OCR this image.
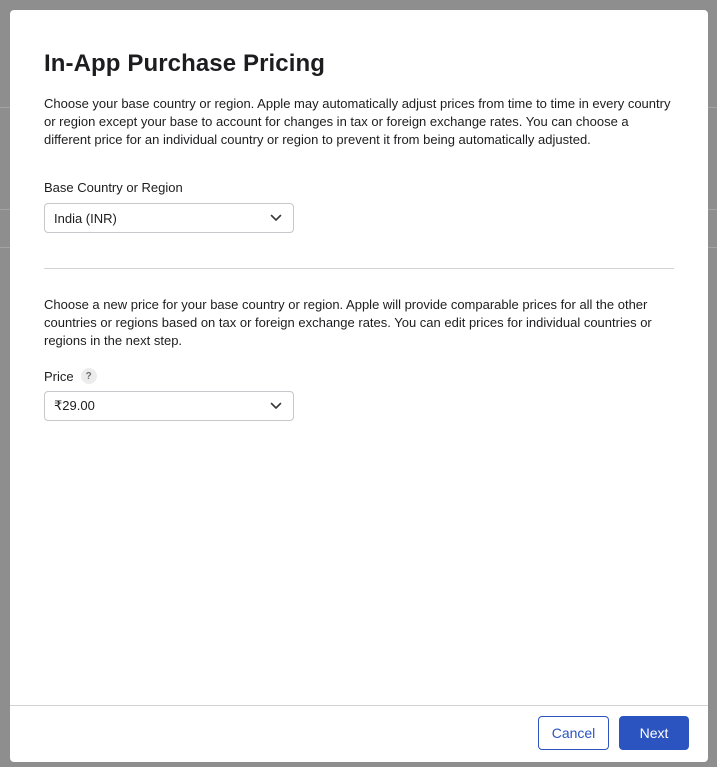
In-App Purchase Pricing

Choose your base country or region. Apple may automatically adjust prices from time to time in every country or region except your base to account for changes in tax or foreign exchange rates. You can choose a different price for an individual country or region to prevent it from being automatically adjusted.

Base Country or Region
India (INR)

Choose a new price for your base country or region. Apple will provide comparable prices for all the other countries or regions based on tax or foreign exchange rates. You can edit prices for individual countries or regions in the next step.

Price	?
₹29.00
Cancel	Next
